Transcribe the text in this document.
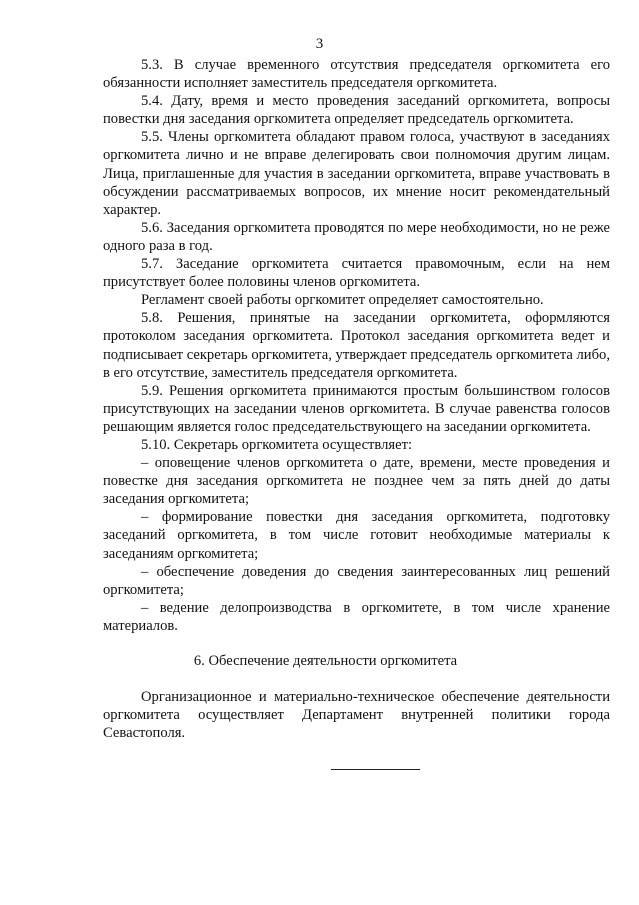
3

5.3. В случае временного отсутствия председателя оргкомитета его обязанности исполняет заместитель председателя оргкомитета.

5.4. Дату, время и место проведения заседаний оргкомитета, вопросы повестки дня заседания оргкомитета определяет председатель оргкомитета.

5.5. Члены оргкомитета обладают правом голоса, участвуют в заседаниях оргкомитета лично и не вправе делегировать свои полномочия другим лицам. Лица, приглашенные для участия в заседании оргкомитета, вправе участвовать в обсуждении рассматриваемых вопросов, их мнение носит рекомендательный характер.

5.6. Заседания оргкомитета проводятся по мере необходимости, но не реже одного раза в год.

5.7. Заседание оргкомитета считается правомочным, если на нем присутствует более половины членов оргкомитета.

Регламент своей работы оргкомитет определяет самостоятельно.

5.8. Решения, принятые на заседании оргкомитета, оформляются протоколом заседания оргкомитета. Протокол заседания оргкомитета ведет и подписывает секретарь оргкомитета, утверждает председатель оргкомитета либо, в его отсутствие, заместитель председателя оргкомитета.

5.9. Решения оргкомитета принимаются простым большинством голосов присутствующих на заседании членов оргкомитета. В случае равенства голосов решающим является голос председательствующего на заседании оргкомитета.

5.10. Секретарь оргкомитета осуществляет:

– оповещение членов оргкомитета о дате, времени, месте проведения и повестке дня заседания оргкомитета не позднее чем за пять дней до даты заседания оргкомитета;

– формирование повестки дня заседания оргкомитета, подготовку заседаний оргкомитета, в том числе готовит необходимые материалы к заседаниям оргкомитета;

– обеспечение доведения до сведения заинтересованных лиц решений оргкомитета;

– ведение делопроизводства в оргкомитете, в том числе хранение материалов.

6. Обеспечение деятельности оргкомитета

Организационное и материально-техническое обеспечение деятельности оргкомитета осуществляет Департамент внутренней политики города Севастополя.
